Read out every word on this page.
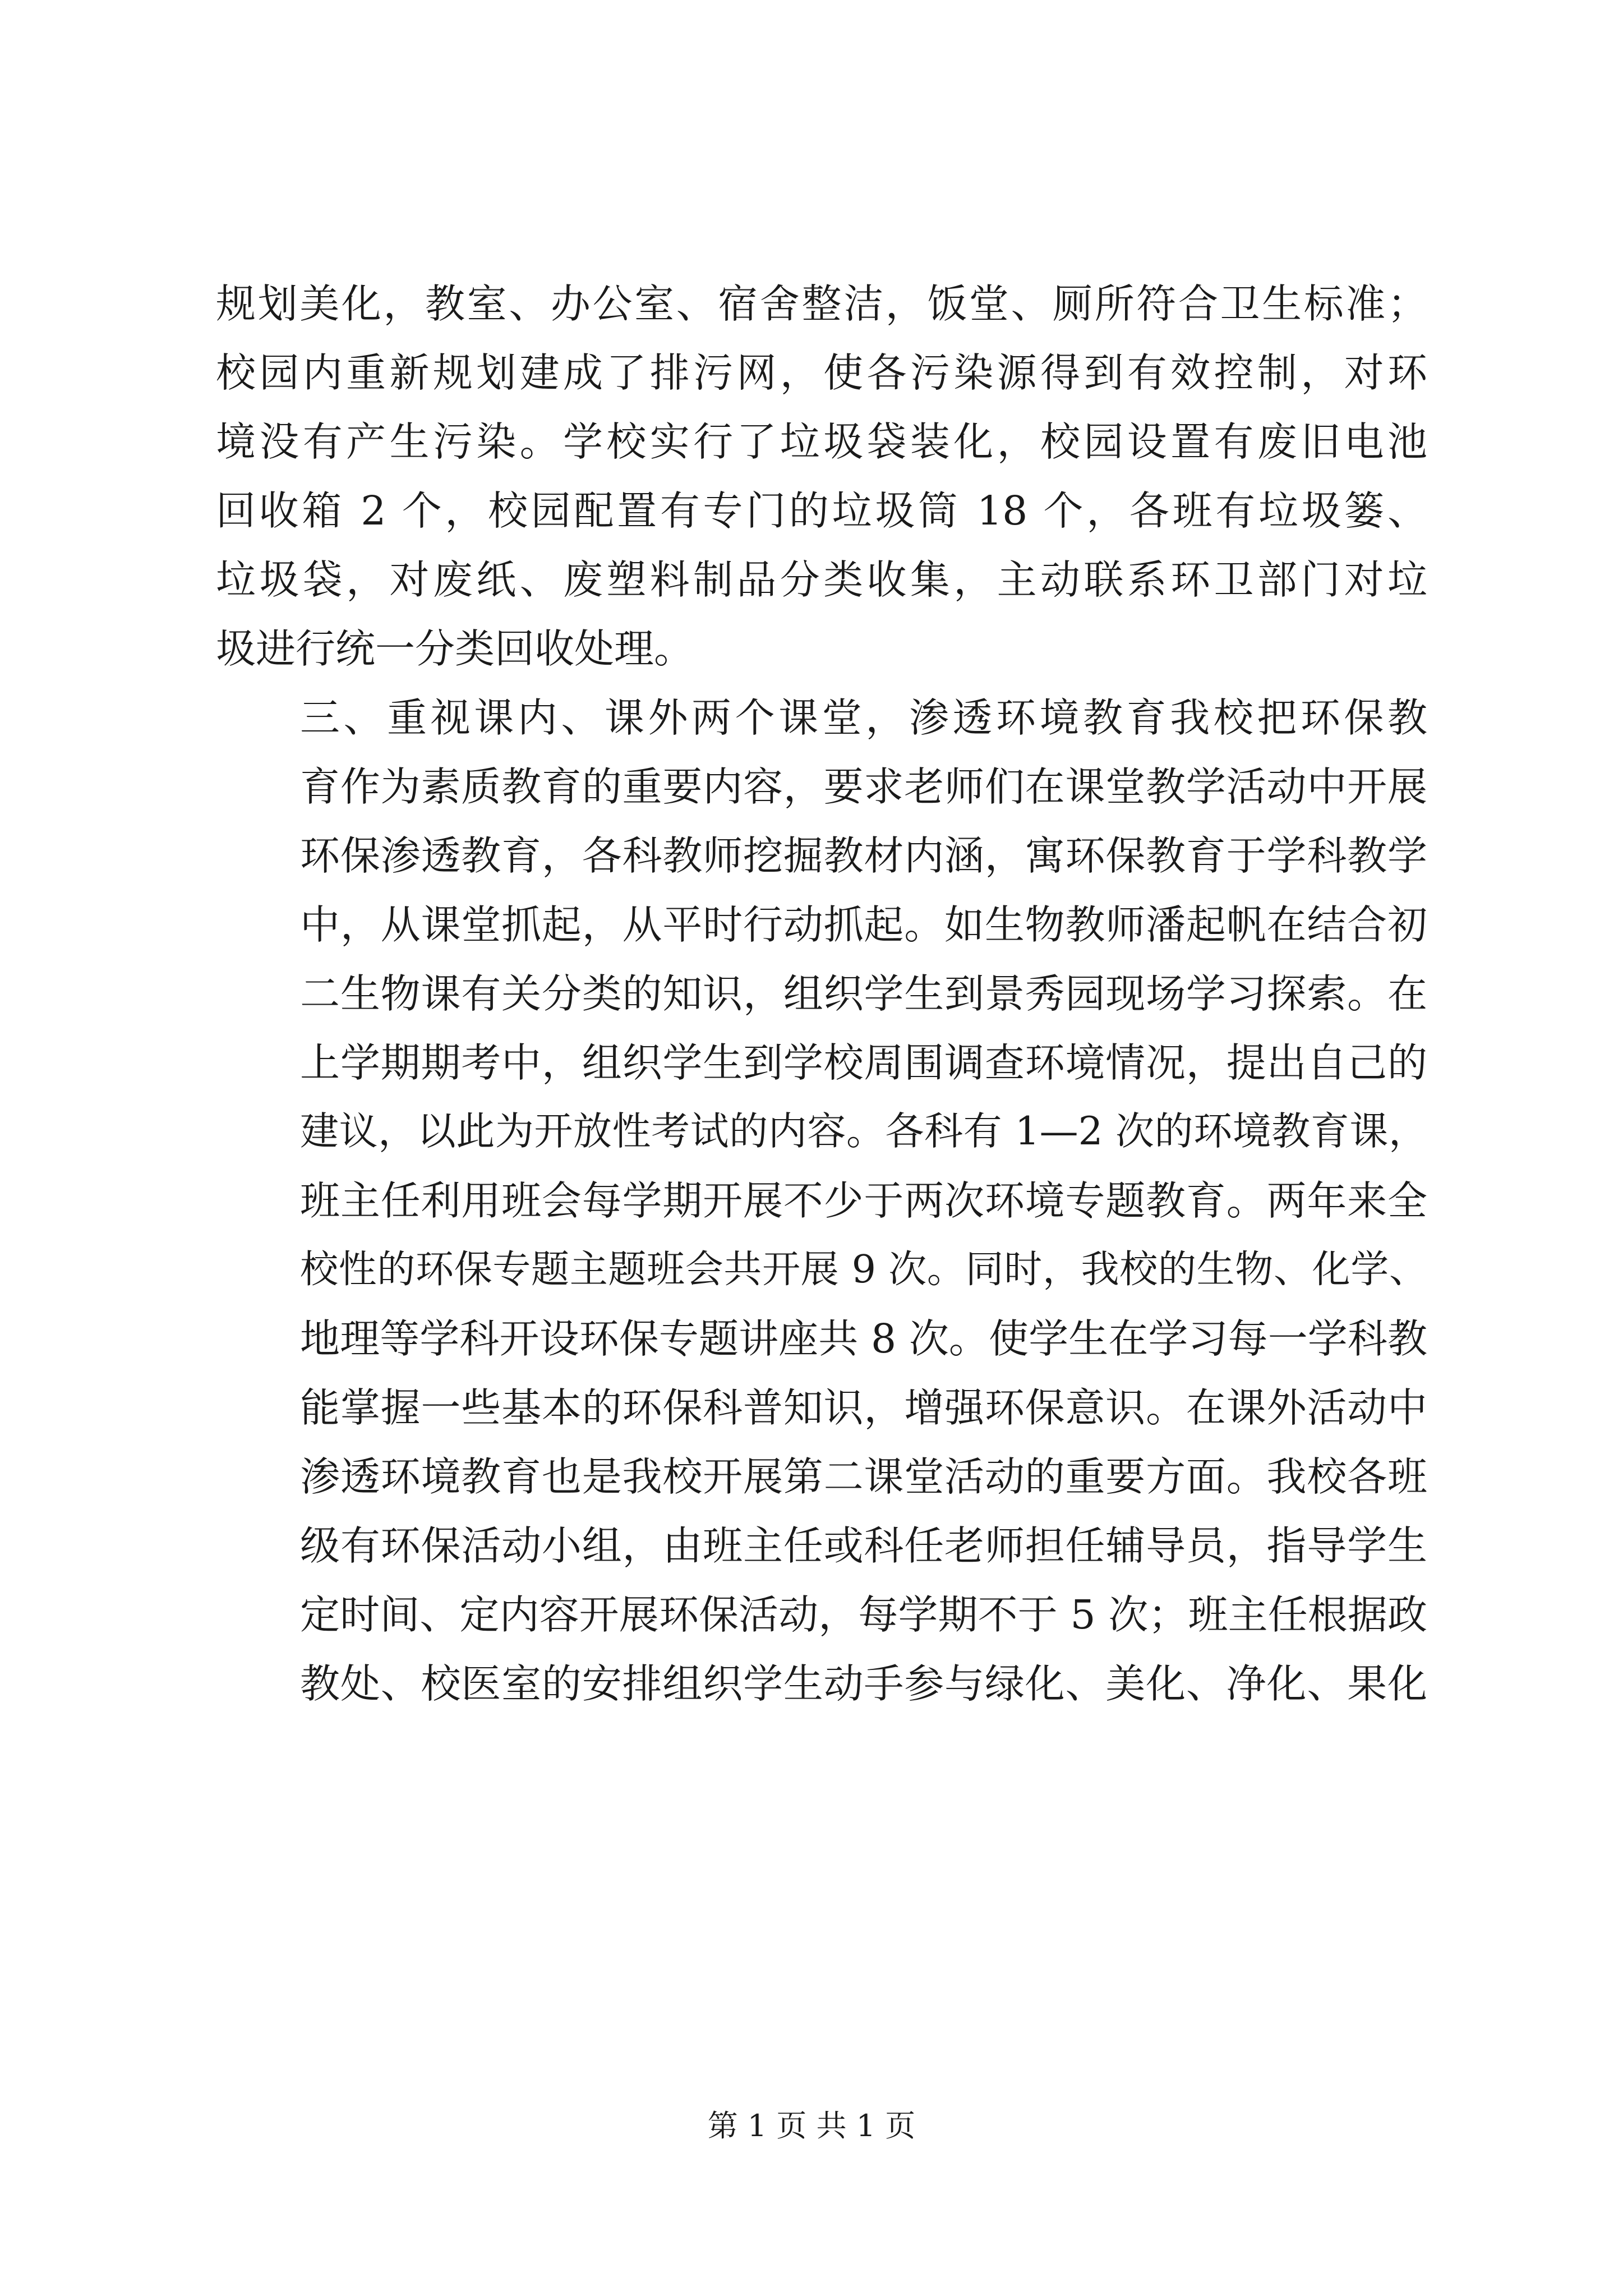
规划美化，教室、办公室、宿舍整洁，饭堂、厕所符合卫生标准；
校园内重新规划建成了排污网，使各污染源得到有效控制，对环
境没有产生污染。学校实行了垃圾袋装化，校园设置有废旧电池
回收箱 2 个，校园配置有专门的垃圾筒 18 个，各班有垃圾篓、
垃圾袋，对废纸、废塑料制品分类收集，主动联系环卫部门对垃
圾进行统一分类回收处理。

三、重视课内、课外两个课堂，渗透环境教育我校把环保教
育作为素质教育的重要内容，要求老师们在课堂教学活动中开展
环保渗透教育，各科教师挖掘教材内涵，寓环保教育于学科教学
中，从课堂抓起，从平时行动抓起。如生物教师潘起帆在结合初
二生物课有关分类的知识，组织学生到景秀园现场学习探索。在
上学期期考中，组织学生到学校周围调查环境情况，提出自己的
建议，以此为开放性考试的内容。各科有 1—2 次的环境教育课，
班主任利用班会每学期开展不少于两次环境专题教育。两年来全
校性的环保专题主题班会共开展 9 次。同时，我校的生物、化学、
地理等学科开设环保专题讲座共 8 次。使学生在学习每一学科教
能掌握一些基本的环保科普知识，增强环保意识。在课外活动中
渗透环境教育也是我校开展第二课堂活动的重要方面。我校各班
级有环保活动小组，由班主任或科任老师担任辅导员，指导学生
定时间、定内容开展环保活动，每学期不于 5 次；班主任根据政
教处、校医室的安排组织学生动手参与绿化、美化、净化、果化

第 1 页 共 1 页
